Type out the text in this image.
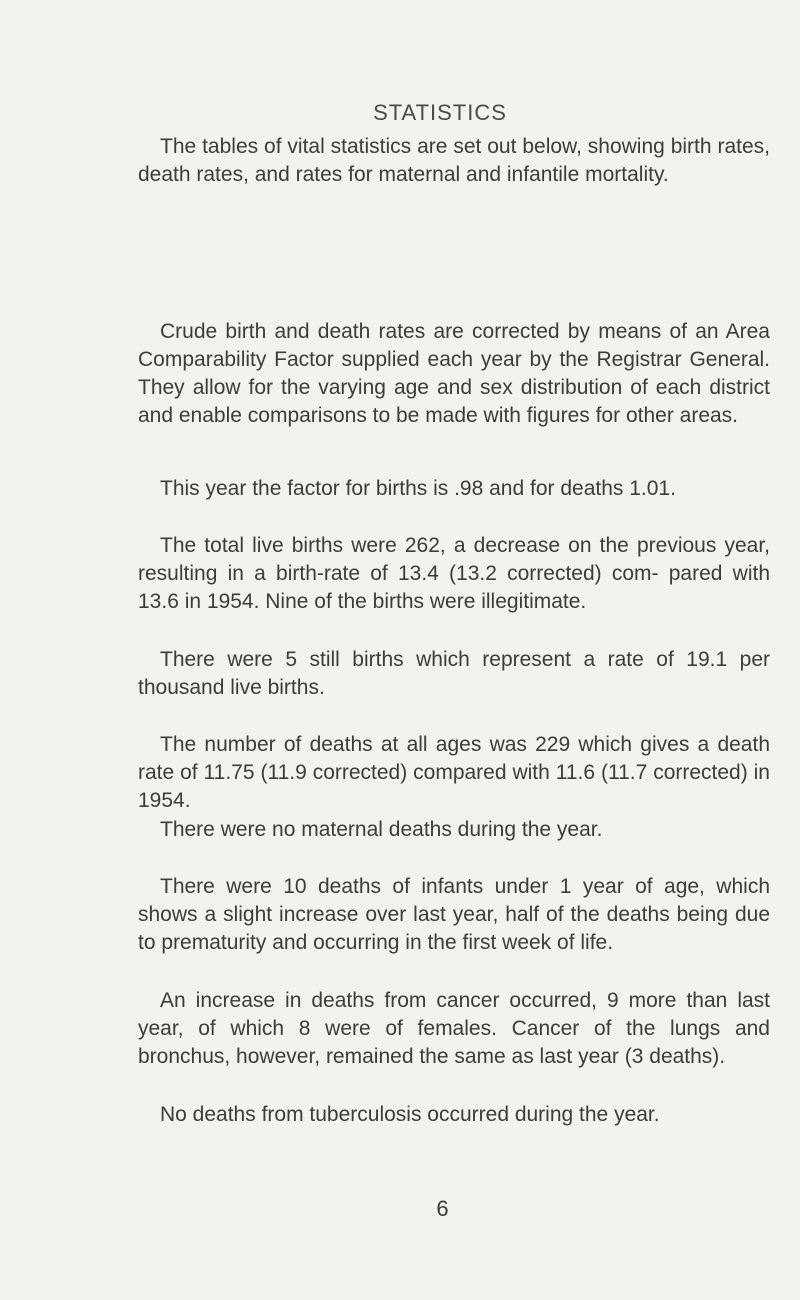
STATISTICS

The tables of vital statistics are set out below, showing birth rates, death rates, and rates for maternal and infantile mortality.

Crude birth and death rates are corrected by means of an Area Comparability Factor supplied each year by the Registrar General. They allow for the varying age and sex distribution of each district and enable comparisons to be made with figures for other areas.

This year the factor for births is .98 and for deaths 1.01.

The total live births were 262, a decrease on the previous year, resulting in a birth-rate of 13.4 (13.2 corrected) com- pared with 13.6 in 1954. Nine of the births were illegitimate.

There were 5 still births which represent a rate of 19.1 per thousand live births.

The number of deaths at all ages was 229 which gives a death rate of 11.75 (11.9 corrected) compared with 11.6 (11.7 corrected) in 1954.

There were no maternal deaths during the year.

There were 10 deaths of infants under 1 year of age, which shows a slight increase over last year, half of the deaths being due to prematurity and occurring in the first week of life.

An increase in deaths from cancer occurred, 9 more than last year, of which 8 were of females. Cancer of the lungs and bronchus, however, remained the same as last year (3 deaths).

No deaths from tuberculosis occurred during the year.

6
